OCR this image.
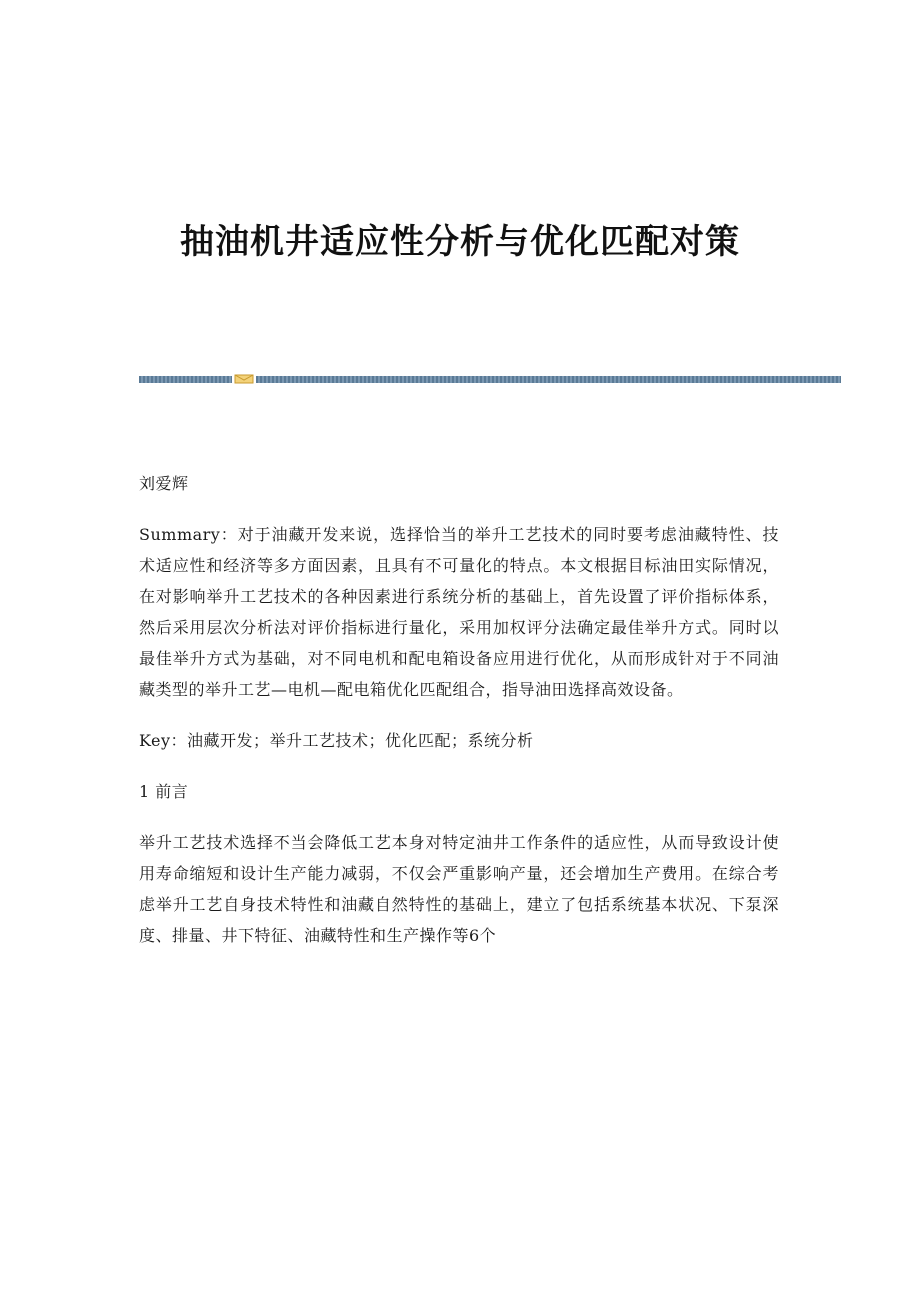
抽油机井适应性分析与优化匹配对策

刘爱辉

Summary：对于油藏开发来说，选择恰当的举升工艺技术的同时要考虑油藏特性、技术适应性和经济等多方面因素，且具有不可量化的特点。本文根据目标油田实际情况，在对影响举升工艺技术的各种因素进行系统分析的基础上，首先设置了评价指标体系，然后采用层次分析法对评价指标进行量化，采用加权评分法确定最佳举升方式。同时以最佳举升方式为基础，对不同电机和配电箱设备应用进行优化，从而形成针对于不同油藏类型的举升工艺—电机—配电箱优化匹配组合，指导油田选择高效设备。

Key：油藏开发；举升工艺技术；优化匹配；系统分析

1 前言

举升工艺技术选择不当会降低工艺本身对特定油井工作条件的适应性，从而导致设计使用寿命缩短和设计生产能力减弱，不仅会严重影响产量，还会增加生产费用。在综合考虑举升工艺自身技术特性和油藏自然特性的基础上，建立了包括系统基本状况、下泵深度、排量、井下特征、油藏特性和生产操作等6个
